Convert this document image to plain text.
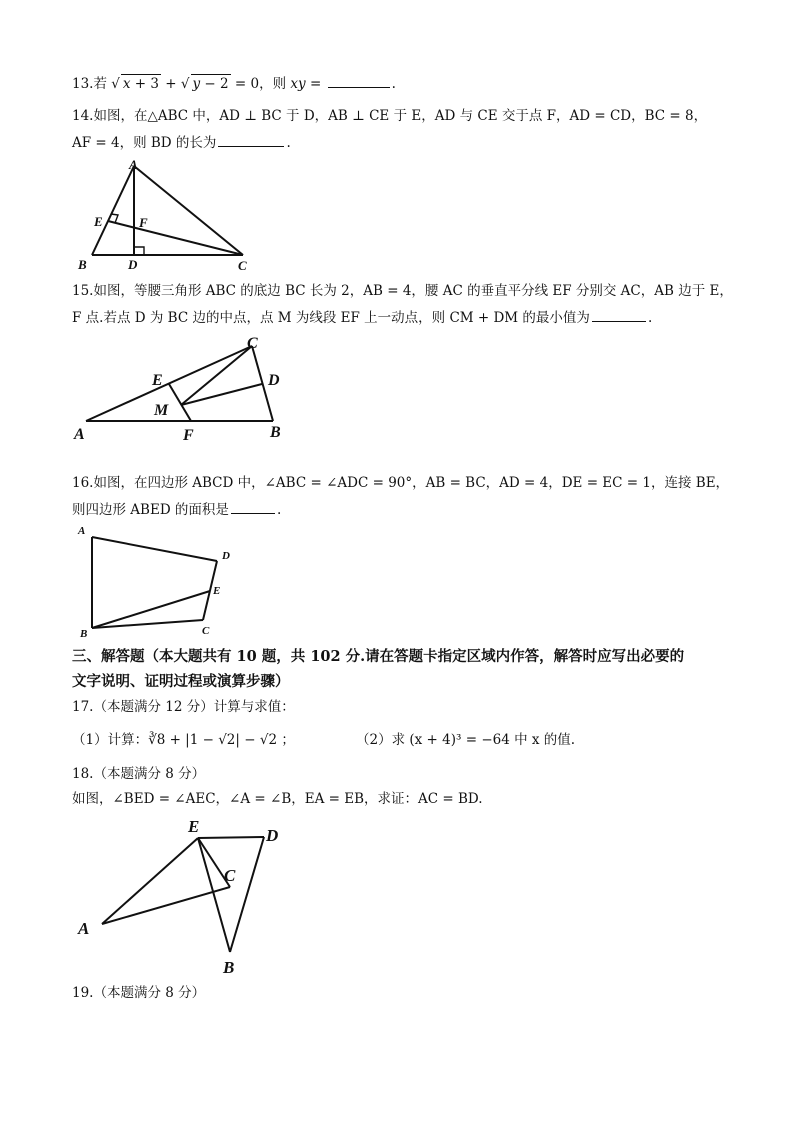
13.若 √ x + 3 + √ y − 2 = 0，则 xy =	.
14.如图，在△ABC 中，AD ⊥ BC 于 D，AB ⊥ CE 于 E，AD 与 CE 交于点 F，AD = CD，BC = 8，
AF = 4，则 BD 的长为	.
A
E	F
B	D	C
15.如图，等腰三角形 ABC 的底边 BC 长为 2，AB = 4，腰 AC 的垂直平分线 EF 分别交 AC，AB 边于 E，
F 点.若点 D 为 BC 边的中点，点 M 为线段 EF 上一动点，则 CM + DM 的最小值为	.
C
E	D
M
A	F	B
16.如图，在四边形 ABCD 中，∠ABC = ∠ADC = 90°，AB = BC，AD = 4，DE = EC = 1，连接 BE，
则四边形 ABED 的面积是	.
A
D
E
B	C
三、解答题（本大题共有 10 题，共 102 分.请在答题卡指定区域内作答，解答时应写出必要的
文字说明、证明过程或演算步骤）
17.（本题满分 12 分）计算与求值：
（1）计算：∛8 + |1 − √2| − √2 ；	（2）求 (x + 4)³ = −64 中 x 的值.
18.（本题满分 8 分）
如图，∠BED = ∠AEC，∠A = ∠B，EA = EB，求证：AC = BD.
E	D
C
A
B
19.（本题满分 8 分）
